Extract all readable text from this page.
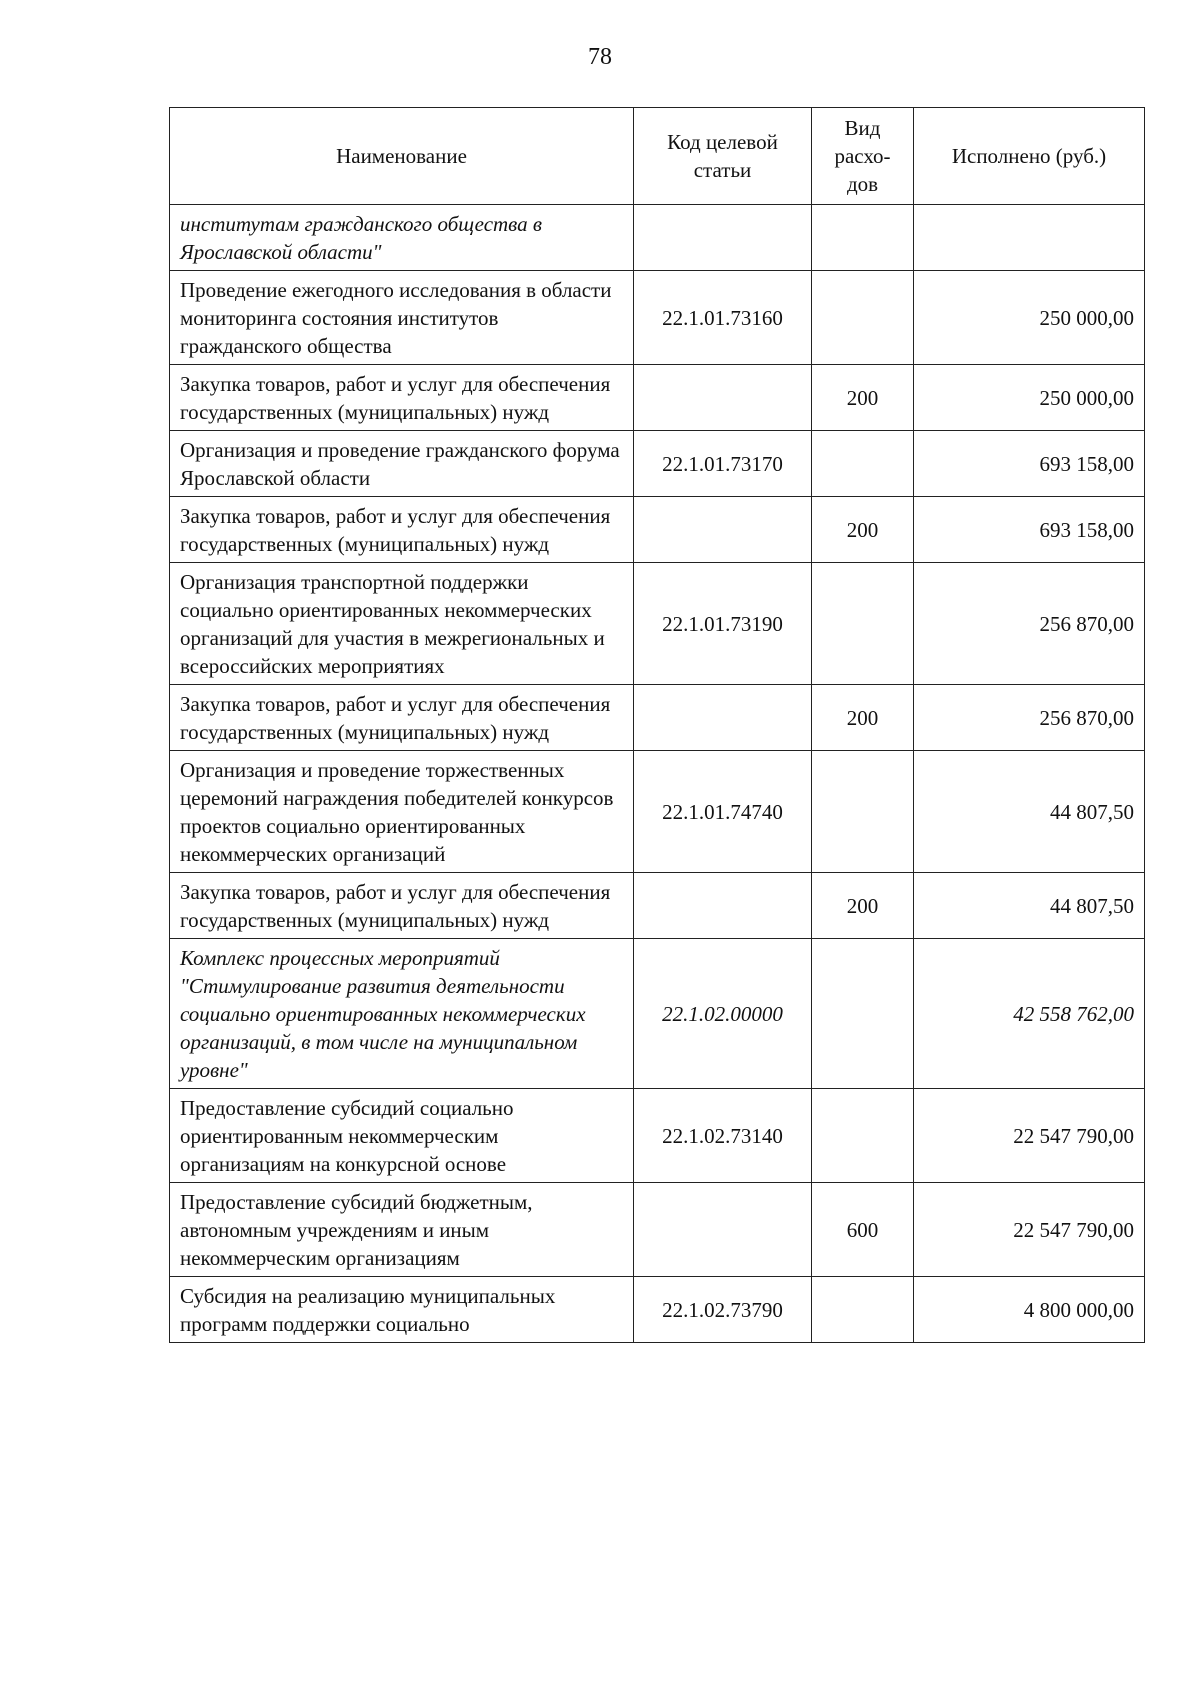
78
Наименование	Код целевой статьи	Вид расхо-дов	Исполнено (руб.)
институтам гражданского общества в Ярославской области"			
Проведение ежегодного исследования в области мониторинга состояния институтов гражданского общества	22.1.01.73160		250 000,00
Закупка товаров, работ и услуг для обеспечения государственных (муниципальных) нужд		200	250 000,00
Организация и проведение гражданского форума Ярославской области	22.1.01.73170		693 158,00
Закупка товаров, работ и услуг для обеспечения государственных (муниципальных) нужд		200	693 158,00
Организация транспортной поддержки социально ориентированных некоммерческих организаций для участия в межрегиональных и всероссийских мероприятиях	22.1.01.73190		256 870,00
Закупка товаров, работ и услуг для обеспечения государственных (муниципальных) нужд		200	256 870,00
Организация и проведение торжественных церемоний награждения победителей конкурсов проектов социально ориентированных некоммерческих организаций	22.1.01.74740		44 807,50
Закупка товаров, работ и услуг для обеспечения государственных (муниципальных) нужд		200	44 807,50
Комплекс процессных мероприятий "Стимулирование развития деятельности социально ориентированных некоммерческих организаций, в том числе на муниципальном уровне"	22.1.02.00000		42 558 762,00
Предоставление субсидий социально ориентированным некоммерческим организациям на конкурсной основе	22.1.02.73140		22 547 790,00
Предоставление субсидий бюджетным, автономным учреждениям и иным некоммерческим организациям		600	22 547 790,00
Субсидия на реализацию муниципальных программ поддержки социально	22.1.02.73790		4 800 000,00
